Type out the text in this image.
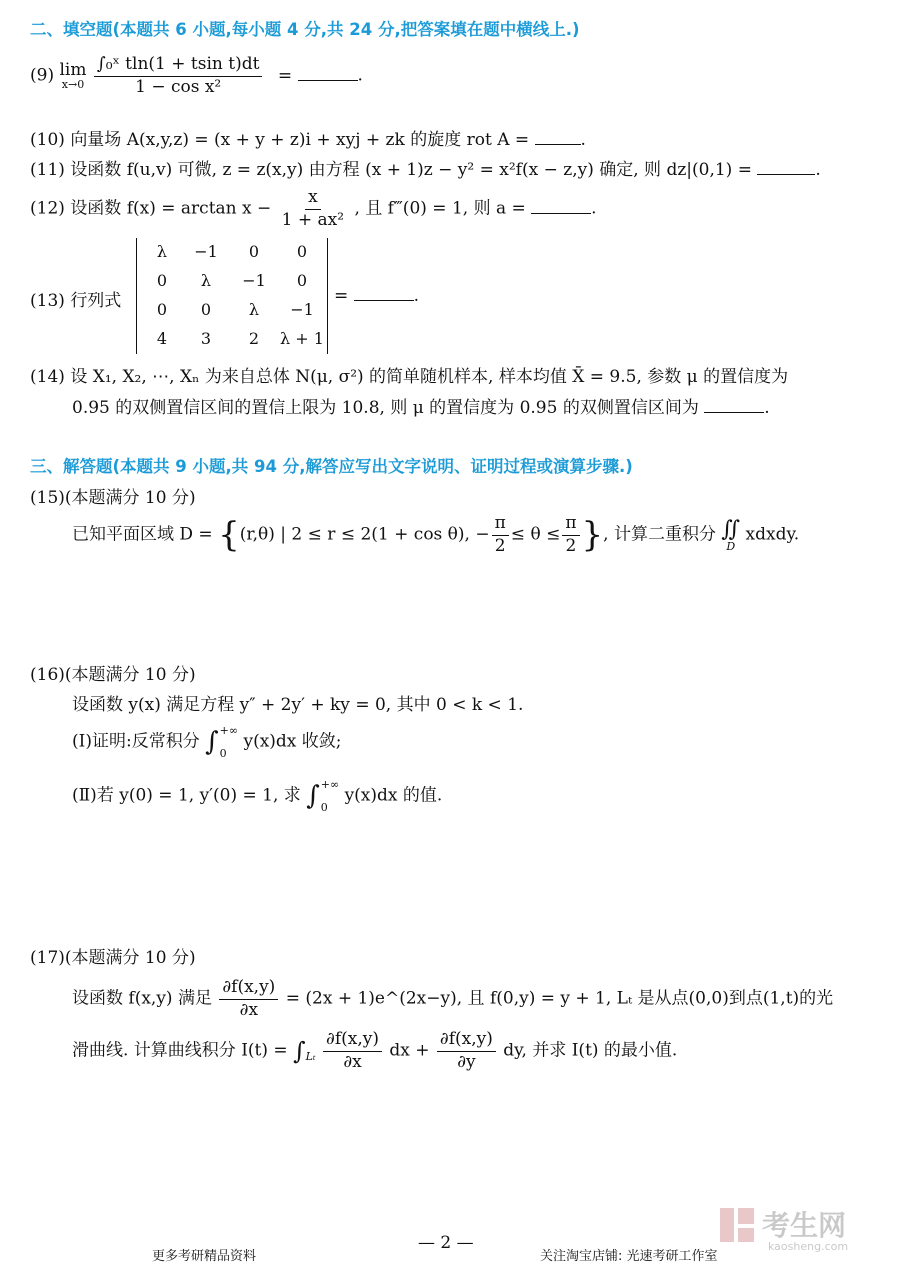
二、填空题(本题共 6 小题,每小题 4 分,共 24 分,把答案填在题中横线上.)
(9) lim
x→0
$\frac{\text{∫₀ˣ tln(1 + tsin t)dt}}{\text{1 − cos x²}}$ =	.
(10) 向量场 A(x,y,z) = (x + y + z)i + xyj + zk 的旋度 rot A =	.
(11) 设函数 f(u,v) 可微, z = z(x,y) 由方程 (x + 1)z − y² = x²f(x − z,y) 确定, 则 dz|(0,1) =	.
(12) 设函数 $f(x) = \arctan x - \frac{x}{\text{1 + ax²}}$ , 且 f‴(0) = 1, 则 a =	.
(13) 行列式
λ	−1	0	0
0	λ	−1	0
0	0	λ	−1
4	3	2	λ + 1
=	.
(14) 设 X₁, X₂, ⋯, Xₙ 为来自总体 N(μ, σ²) 的简单随机样本, 样本均值 X̄ = 9.5, 参数 μ 的置信度为
0.95 的双侧置信区间的置信上限为 10.8, 则 μ 的置信度为 0.95 的双侧置信区间为	.
三、解答题(本题共 9 小题,共 94 分,解答应写出文字说明、证明过程或演算步骤.)
(15)(本题满分 10 分)
已知平面区域 D = {(r,θ) | 2 ≤ r ≤ 2(1 + cos θ), − $\frac{\pi}{2} \le \theta \le \frac{\pi}{2}$ }, 计算二重积分 ∬
D
xdxdy.
(16)(本题满分 10 分)
设函数 y(x) 满足方程 y″ + 2y′ + ky = 0, 其中 0 < k < 1.
(Ⅰ)证明:反常积分 ∫ +∞
0
y(x)dx 收敛;
(Ⅱ)若 y(0) = 1, y′(0) = 1, 求 ∫ +∞
0
y(x)dx 的值.
(17)(本题满分 10 分)
设函数 f(x,y) 满足 $\frac{\partial f(x,y)}{\partial x} = (2x$ + 1)e^(2x−y), 且 f(0,y) = y + 1, Lₜ 是从点(0,0)到点(1,t)的光
滑曲线. 计算曲线积分 I(t) = ∫ Lₜ
$\frac{\partial f(x,y)}{\partial x}$ dx + $\frac{\partial f(x,y)}{\partial y}$ dy, 并求 I(t) 的最小值.
考生网
kaosheng.com
— 2 —
更多考研精品资料	关注淘宝店铺: 光速考研工作室
